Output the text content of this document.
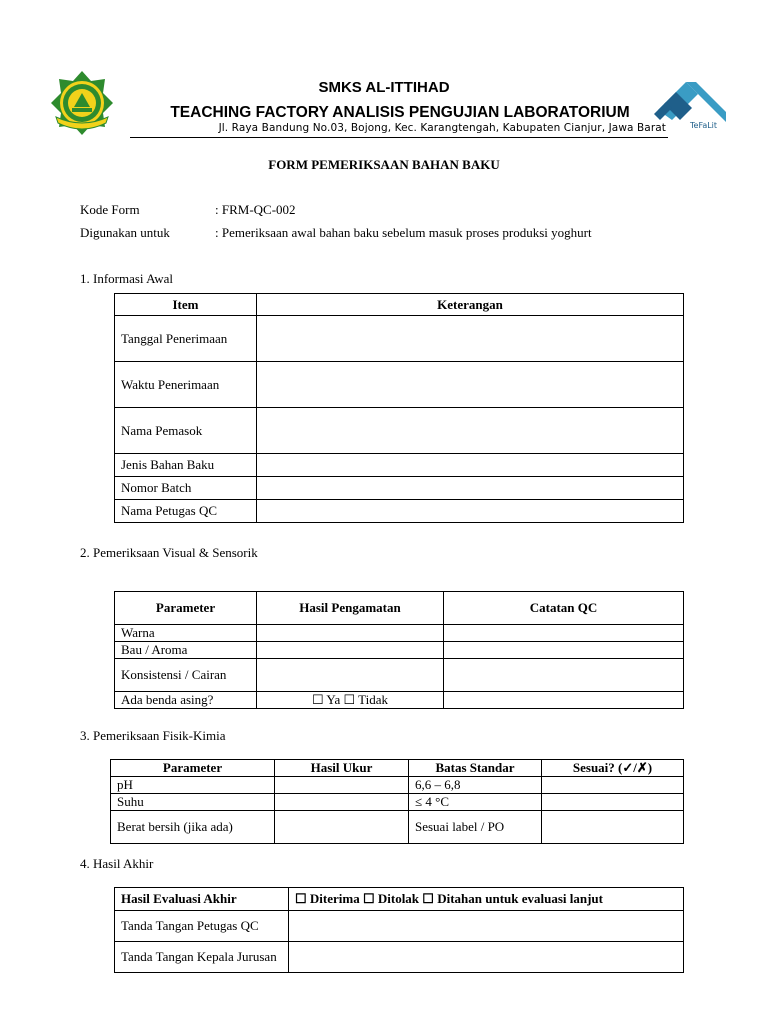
TeFaLit
SMKS AL-ITTIHAD
TEACHING FACTORY ANALISIS PENGUJIAN LABORATORIUM
Jl. Raya Bandung No.03, Bojong, Kec. Karangtengah, Kabupaten Cianjur, Jawa Barat
FORM PEMERIKSAAN BAHAN BAKU
Kode Form	: FRM-QC-002
Digunakan untuk	: Pemeriksaan awal bahan baku sebelum masuk proses produksi yoghurt
1. Informasi Awal
Item	Keterangan
Tanggal Penerimaan	
Waktu Penerimaan	
Nama Pemasok	
Jenis Bahan Baku	
Nomor Batch	
Nama Petugas QC	
2. Pemeriksaan Visual & Sensorik
Parameter	Hasil Pengamatan	Catatan QC
Warna		
Bau / Aroma		
Konsistensi / Cairan		
Ada benda asing?	☐ Ya ☐ Tidak	
3. Pemeriksaan Fisik-Kimia
Parameter	Hasil Ukur	Batas Standar	Sesuai? (✓/✗)
pH		6,6 – 6,8	
Suhu		≤ 4 °C	
Berat bersih (jika ada)		Sesuai label / PO	
4. Hasil Akhir
Hasil Evaluasi Akhir	☐ Diterima ☐ Ditolak ☐ Ditahan untuk evaluasi lanjut
Tanda Tangan Petugas QC	
Tanda Tangan Kepala Jurusan	
